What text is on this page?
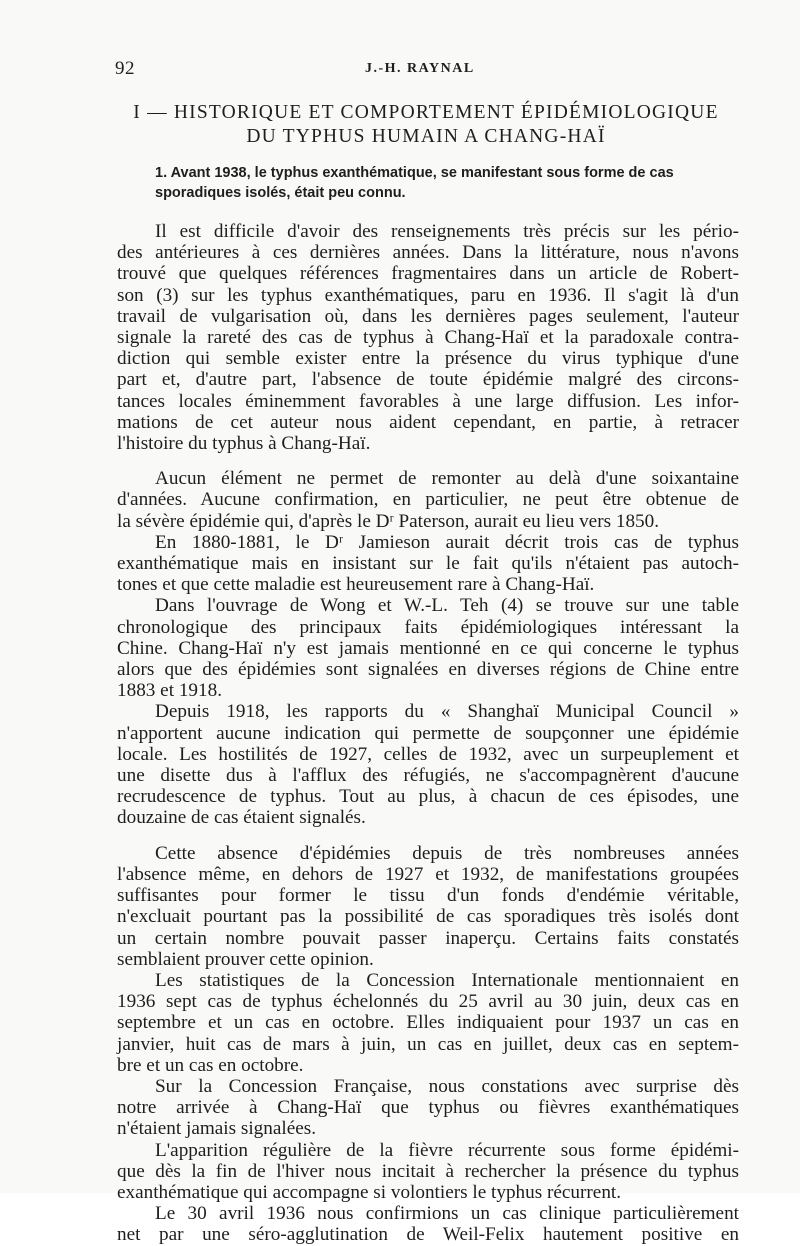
92	J.-H. RAYNAL
I — HISTORIQUE ET COMPORTEMENT ÉPIDÉMIOLOGIQUE
DU TYPHUS HUMAIN A CHANG-HAÏ
1. Avant 1938, le typhus exanthématique, se manifestant sous forme de cas
sporadiques isolés, était peu connu.
Il est difficile d'avoir des renseignements très précis sur les pério-
des antérieures à ces dernières années. Dans la littérature, nous n'avons
trouvé que quelques références fragmentaires dans un article de Robert-
son (3) sur les typhus exanthématiques, paru en 1936. Il s'agit là d'un
travail de vulgarisation où, dans les dernières pages seulement, l'auteur
signale la rareté des cas de typhus à Chang-Haï et la paradoxale contra-
diction qui semble exister entre la présence du virus typhique d'une
part et, d'autre part, l'absence de toute épidémie malgré des circons-
tances locales éminemment favorables à une large diffusion. Les infor-
mations de cet auteur nous aident cependant, en partie, à retracer
l'histoire du typhus à Chang-Haï.
Aucun élément ne permet de remonter au delà d'une soixantaine
d'années. Aucune confirmation, en particulier, ne peut être obtenue de
la sévère épidémie qui, d'après le Dʳ Paterson, aurait eu lieu vers 1850.
En 1880-1881, le Dʳ Jamieson aurait décrit trois cas de typhus
exanthématique mais en insistant sur le fait qu'ils n'étaient pas autoch-
tones et que cette maladie est heureusement rare à Chang-Haï.
Dans l'ouvrage de Wong et W.-L. Teh (4) se trouve sur une table
chronologique des principaux faits épidémiologiques intéressant la
Chine. Chang-Haï n'y est jamais mentionné en ce qui concerne le typhus
alors que des épidémies sont signalées en diverses régions de Chine entre
1883 et 1918.
Depuis 1918, les rapports du « Shanghaï Municipal Council »
n'apportent aucune indication qui permette de soupçonner une épidémie
locale. Les hostilités de 1927, celles de 1932, avec un surpeuplement et
une disette dus à l'afflux des réfugiés, ne s'accompagnèrent d'aucune
recrudescence de typhus. Tout au plus, à chacun de ces épisodes, une
douzaine de cas étaient signalés.
Cette absence d'épidémies depuis de très nombreuses années
l'absence même, en dehors de 1927 et 1932, de manifestations groupées
suffisantes pour former le tissu d'un fonds d'endémie véritable,
n'excluait pourtant pas la possibilité de cas sporadiques très isolés dont
un certain nombre pouvait passer inaperçu. Certains faits constatés
semblaient prouver cette opinion.
Les statistiques de la Concession Internationale mentionnaient en
1936 sept cas de typhus échelonnés du 25 avril au 30 juin, deux cas en
septembre et un cas en octobre. Elles indiquaient pour 1937 un cas en
janvier, huit cas de mars à juin, un cas en juillet, deux cas en septem-
bre et un cas en octobre.
Sur la Concession Française, nous constations avec surprise dès
notre arrivée à Chang-Haï que typhus ou fièvres exanthématiques
n'étaient jamais signalées.
L'apparition régulière de la fièvre récurrente sous forme épidémi-
que dès la fin de l'hiver nous incitait à rechercher la présence du typhus
exanthématique qui accompagne si volontiers le typhus récurrent.
Le 30 avril 1936 nous confirmions un cas clinique particulièrement
net par une séro-agglutination de Weil-Felix hautement positive en
